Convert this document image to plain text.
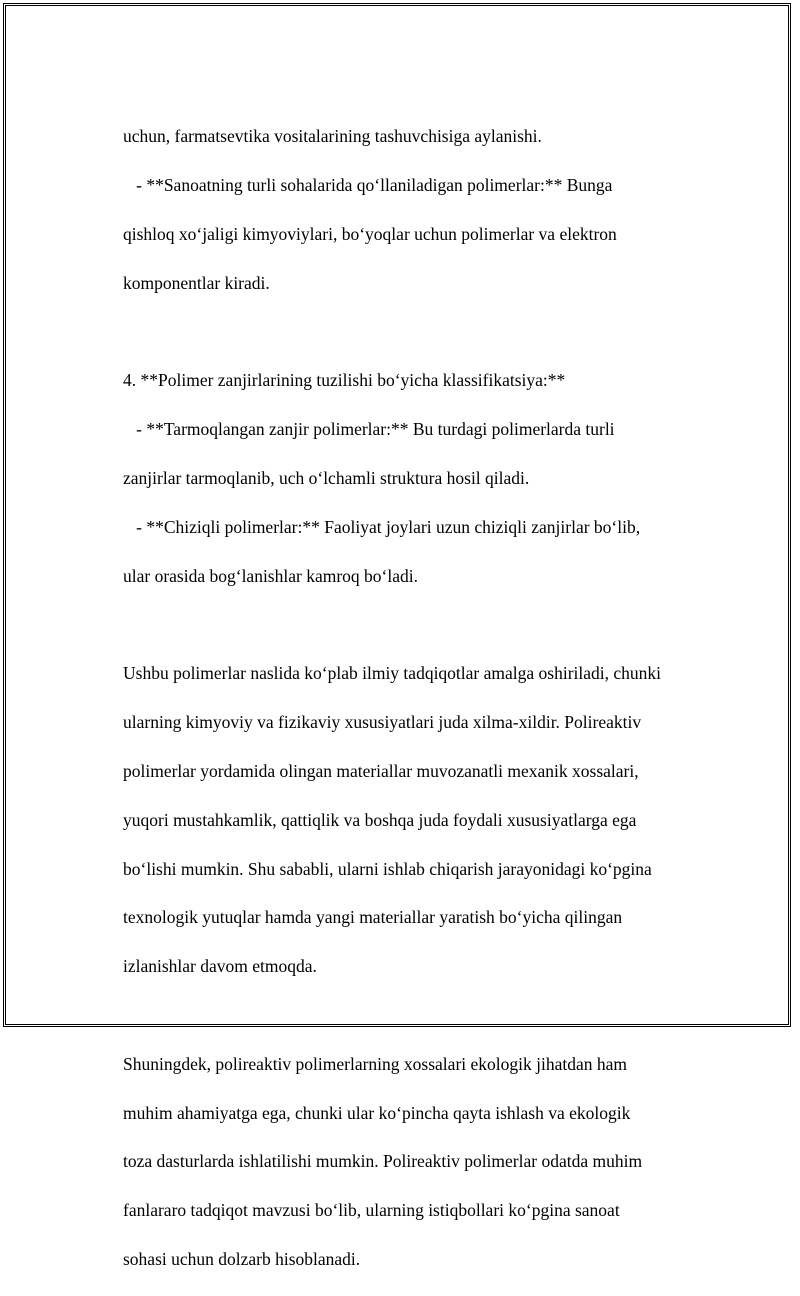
uchun, farmatsevtika vositalarining tashuvchisiga aylanishi.

- **Sanoatning turli sohalarida qo‘llaniladigan polimerlar:** Bunga

qishloq xo‘jaligi kimyoviylari, bo‘yoqlar uchun polimerlar va elektron

komponentlar kiradi.

4. **Polimer zanjirlarining tuzilishi bo‘yicha klassifikatsiya:**

- **Tarmoqlangan zanjir polimerlar:** Bu turdagi polimerlarda turli

zanjirlar tarmoqlanib, uch o‘lchamli struktura hosil qiladi.

- **Chiziqli polimerlar:** Faoliyat joylari uzun chiziqli zanjirlar bo‘lib,

ular orasida bog‘lanishlar kamroq bo‘ladi.

Ushbu polimerlar naslida ko‘plab ilmiy tadqiqotlar amalga oshiriladi, chunki

ularning kimyoviy va fizikaviy xususiyatlari juda xilma-xildir. Polireaktiv

polimerlar yordamida olingan materiallar muvozanatli mexanik xossalari,

yuqori mustahkamlik, qattiqlik va boshqa juda foydali xususiyatlarga ega

bo‘lishi mumkin. Shu sababli, ularni ishlab chiqarish jarayonidagi ko‘pgina

texnologik yutuqlar hamda yangi materiallar yaratish bo‘yicha qilingan

izlanishlar davom etmoqda.

Shuningdek, polireaktiv polimerlarning xossalari ekologik jihatdan ham

muhim ahamiyatga ega, chunki ular ko‘pincha qayta ishlash va ekologik

toza dasturlarda ishlatilishi mumkin. Polireaktiv polimerlar odatda muhim

fanlararo tadqiqot mavzusi bo‘lib, ularning istiqbollari ko‘pgina sanoat

sohasi uchun dolzarb hisoblanadi.
